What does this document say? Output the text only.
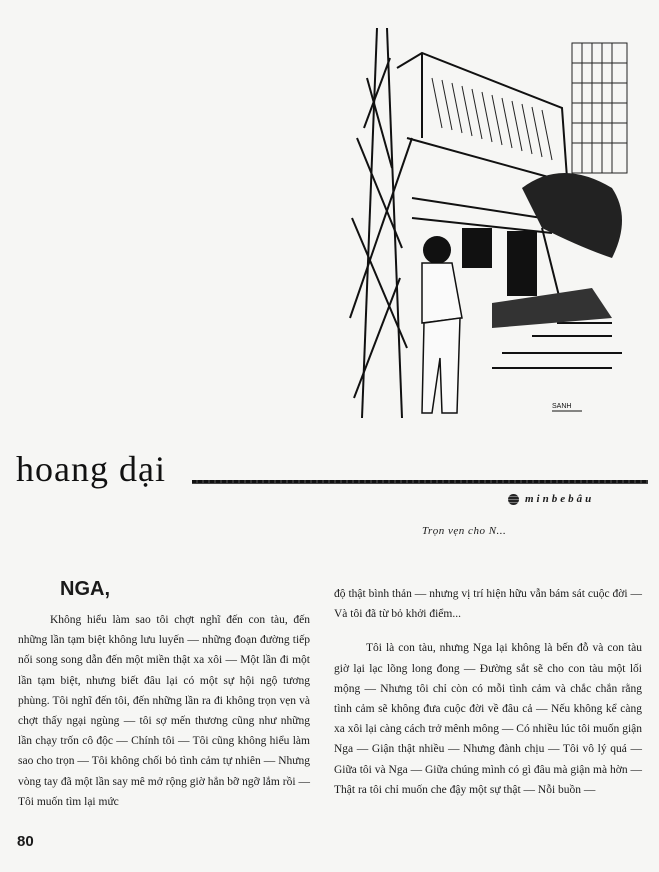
SANH
hoang dại
minbebâu
Trọn vẹn cho N...
NGA,

Không hiểu làm sao tôi chợt nghĩ đến con tàu, đến những lần tạm biệt không lưu luyến — những đoạn đường tiếp nối song song dẫn đến một miền thật xa xôi — Một lần đi một lần tạm biệt, nhưng biết đâu lại có một sự hội ngộ tương phùng. Tôi nghĩ đến tôi, đến những lần ra đi không trọn vẹn và chợt thấy ngại ngùng — tôi sợ mến thương cũng như những lần chạy trốn cô độc — Chính tôi — Tôi cũng không hiểu làm sao cho trọn — Tôi không chối bỏ tình cảm tự nhiên — Nhưng vòng tay đã một lần say mê mở rộng giờ hẳn bỡ ngỡ lắm rồi — Tôi muốn tìm lại mức

độ thật bình thản — nhưng vị trí hiện hữu vẫn bám sát cuộc đời — Và tôi đã từ bỏ khởi điểm...

Tôi là con tàu, nhưng Nga lại không là bến đỗ và con tàu giờ lại lạc lõng long đong — Đường sắt sẽ cho con tàu một lối mộng — Nhưng tôi chỉ còn có mỗi tình cảm và chắc chắn rằng tình cảm sẽ không đưa cuộc đời về đâu cả — Nếu không kể càng xa xôi lại càng cách trở mênh mông — Có nhiều lúc tôi muốn giận Nga — Giận thật nhiều — Nhưng đành chịu — Tôi vô lý quá — Giữa tôi và Nga — Giữa chúng mình có gì đâu mà giận mà hờn — Thật ra tôi chỉ muốn che đậy một sự thật — Nỗi buồn —

80
